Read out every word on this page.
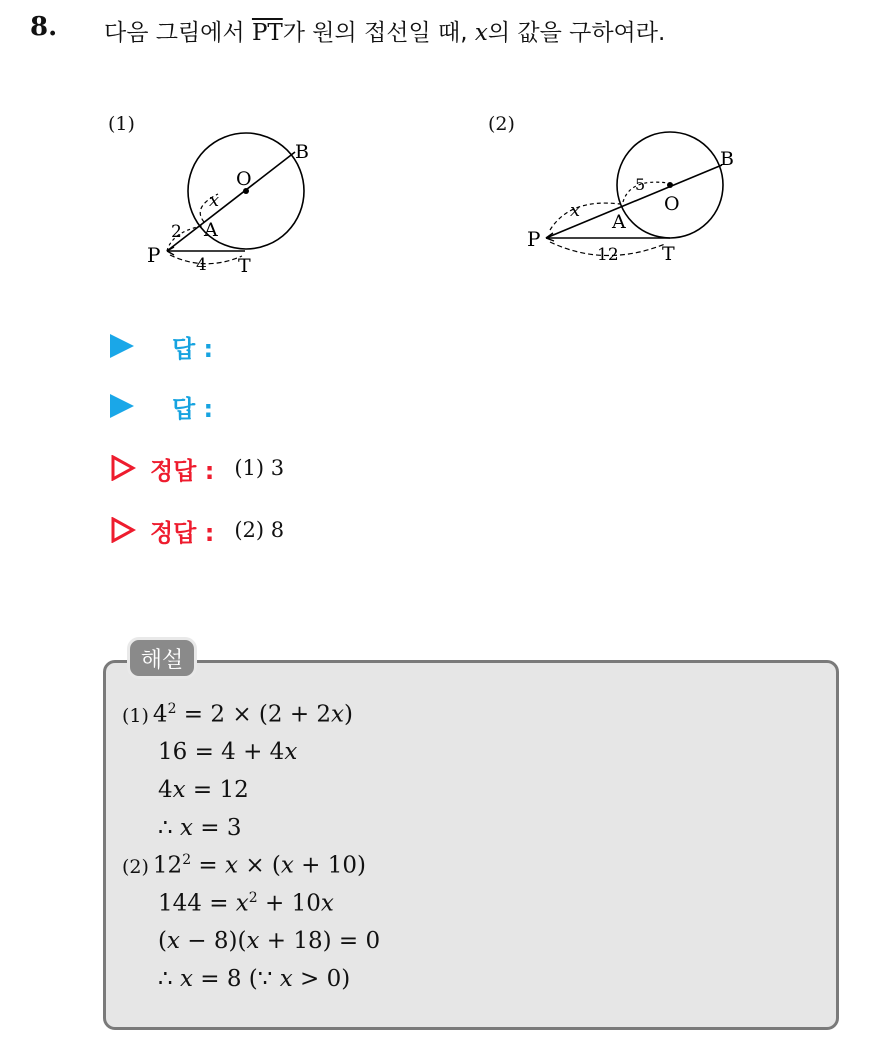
8. 다음 그림에서 $\overline{PT}$가 원의 접선일 때, x의 값을 구하여라.
(1)	(2)
P
A
O
B
T
2
x
4
P
A
O
B
T
x
5
12
답 :
답 :
정답 : (1) 3
정답 : (2) 8
해설
(1) $4^2 = 2 \times (2 + 2x)$
16 = 4 + 4x
4x = 12
∴ x = 3
(2) $12^2 = x \times (x + 10)$
$144 = x^2 + 10x$
(x − 8)(x + 18) = 0
∴ x = 8 (∵ x > 0)
